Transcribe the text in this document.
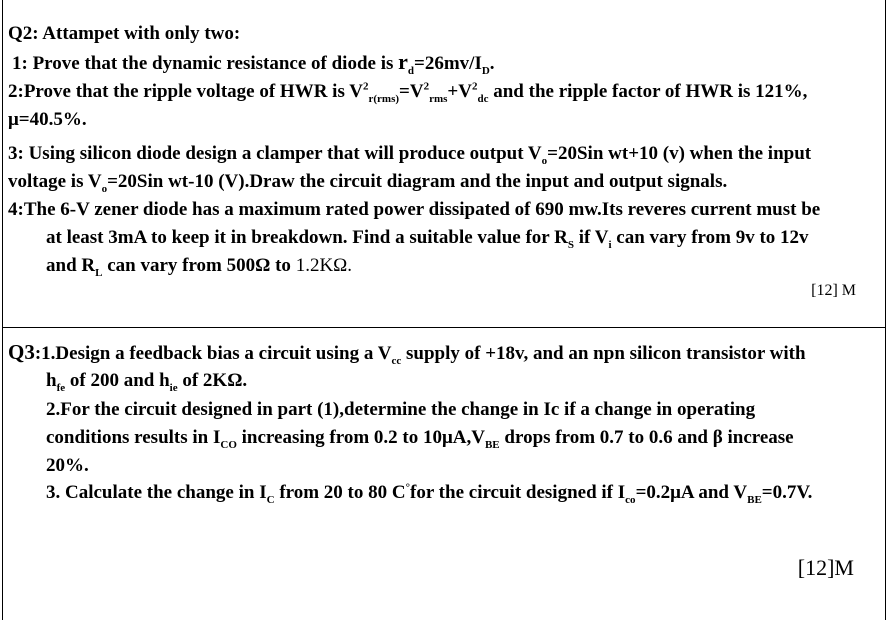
Q2: Attampet with only two:
1: Prove that the dynamic resistance of diode is $r_d=26mv/I_D$.
2:Prove that the ripple voltage of HWR is $V^2_{r(rms)}=V^2_{rms}+V^2_{dc}$ and the ripple factor of HWR is 121%,
μ=40.5%.
3: Using silicon diode design a clamper that will produce output $V_o=20Sin$ wt+10 (v) when the input
voltage is $V_o=20Sin$ wt-10 (V).Draw the circuit diagram and the input and output signals.
4:The 6-V zener diode has a maximum rated power dissipated of 690 mw.Its reveres current must be
at least 3mA to keep it in breakdown. Find a suitable value for $R_S$ if $V_i$ can vary from 9v to 12v
and $R_L$ can vary from 500Ω to 1.2KΩ.
[12] M
Q3:1.Design a feedback bias a circuit using a $V_{cc}$ supply of +18v, and an npn silicon transistor with
$h_{fe}$ of 200 and $h_{ie}$ of 2KΩ.
2.For the circuit designed in part (1),determine the change in Ic if a change in operating
conditions results in $I_{CO}$ increasing from 0.2 to $10\mu A,V_{BE}$ drops from 0.7 to 0.6 and β increase
20%.
3. Calculate the change in $I_C$ from 20 to 80 C°for the circuit designed if $I_{co}=0.2\mu A$ and $V_{BE}=0.7V$.
[12]M
